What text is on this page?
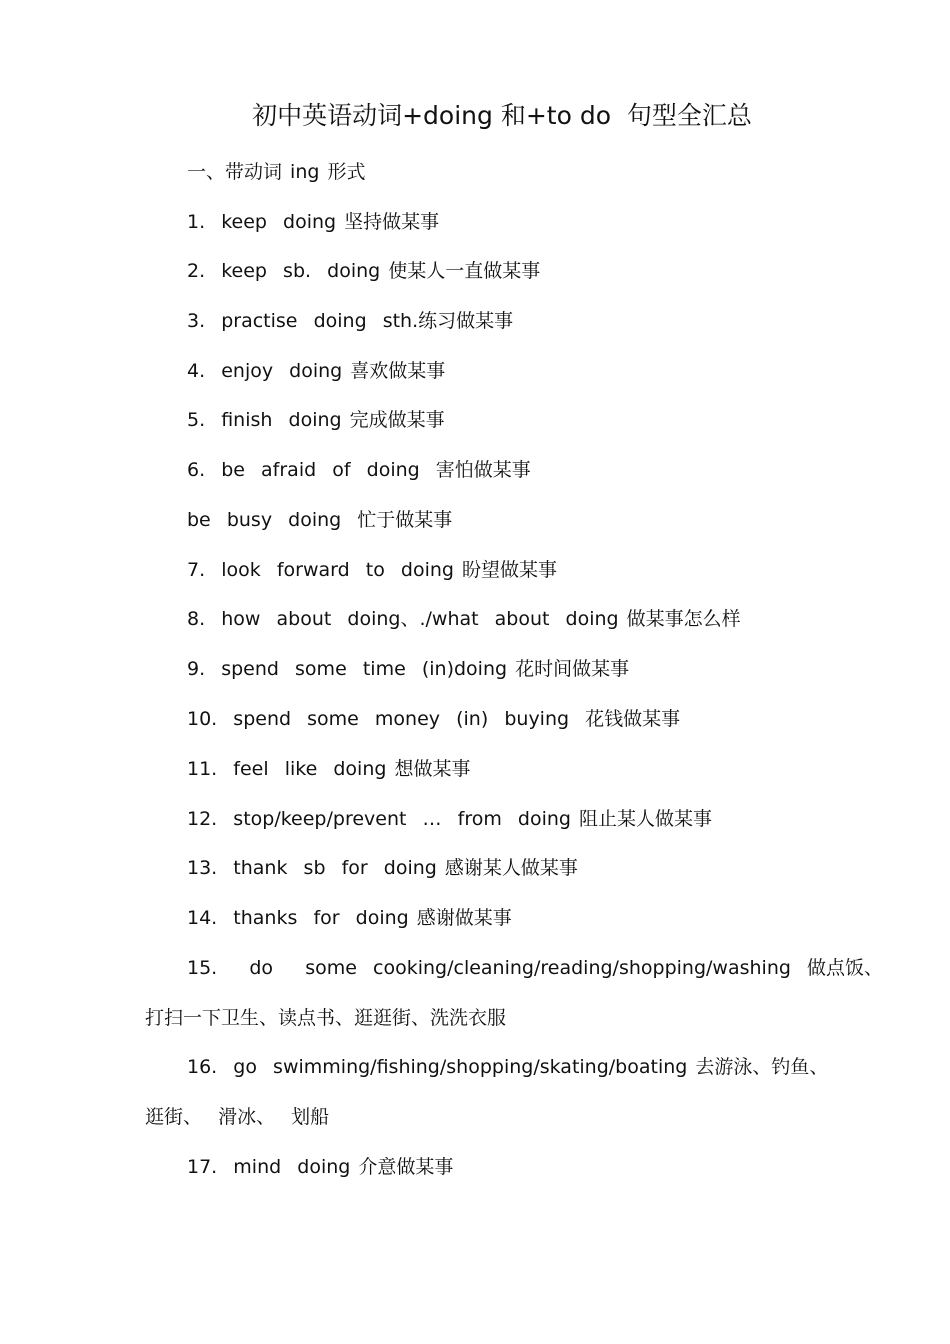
初中英语动词+doing 和+to do  句型全汇总
一、带动词 ing 形式
1.  keep  doing 坚持做某事
2.  keep  sb.  doing 使某人一直做某事
3.  practise  doing  sth.练习做某事
4.  enjoy  doing 喜欢做某事
5.  finish  doing 完成做某事
6.  be  afraid  of  doing  害怕做某事
be  busy  doing  忙于做某事
7.  look  forward  to  doing 盼望做某事
8.  how  about  doing、./what  about  doing 做某事怎么样
9.  spend  some  time  (in)doing 花时间做某事
10.  spend  some  money  (in)  buying  花钱做某事
11.  feel  like  doing 想做某事
12.  stop/keep/prevent  …  from  doing 阻止某人做某事
13.  thank  sb  for  doing 感谢某人做某事
14.  thanks  for  doing 感谢做某事
15.    do    some  cooking/cleaning/reading/shopping/washing  做点饭、
打扫一下卫生、读点书、逛逛街、洗洗衣服
16.  go  swimming/fishing/shopping/skating/boating 去游泳、钓鱼、
逛街、  滑冰、  划船
17.  mind  doing 介意做某事
